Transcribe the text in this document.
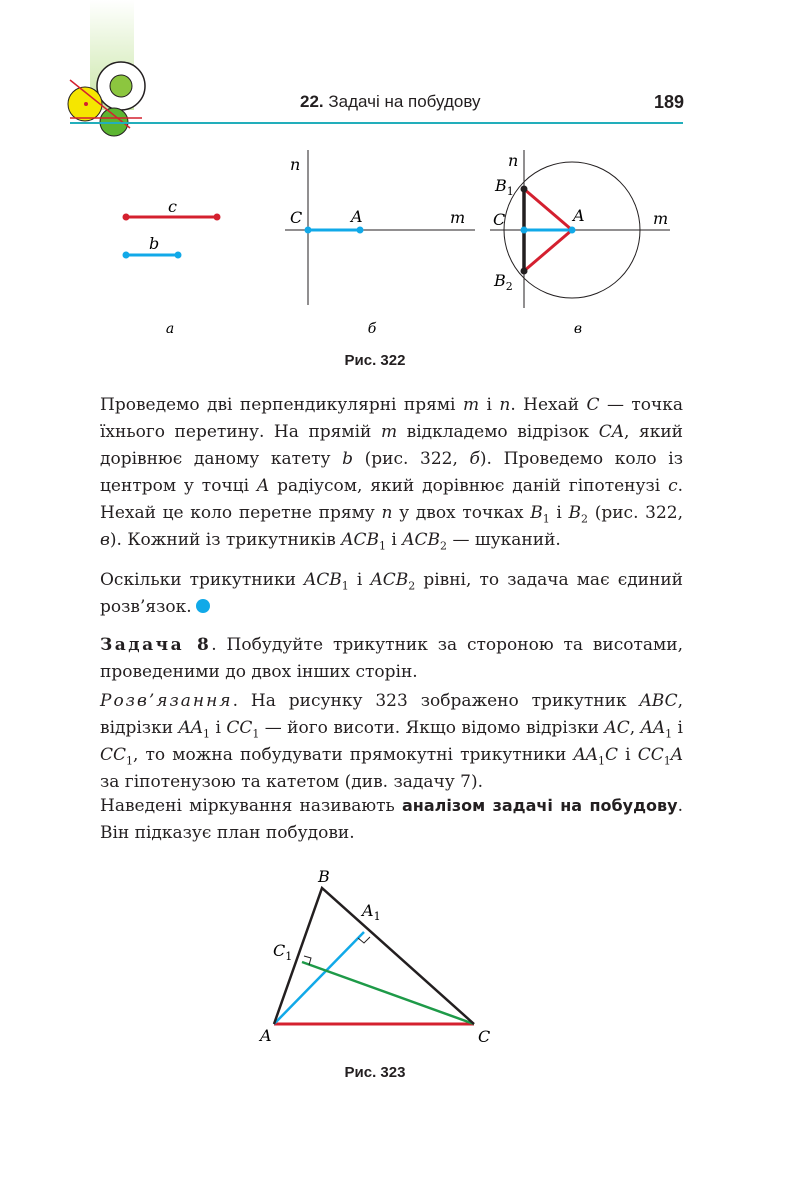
22. Задачі на побудову	189
c
b
n
C	A	m
n
$B_1$
C	A	m
$B_2$
а	б	в
Рис. 322
Проведемо дві перпендикулярні прямі m і n. Нехай C — точка їхнього перетину. На прямій m відкладемо відрізок CA, який дорівнює даному катету b (рис. 322, б). Проведемо коло із центром у точці A радіусом, який дорівнює даній гіпотенузі c. Нехай це коло перетне пряму n у двох точках $B_1$ і $B_2$ (рис. 322, в). Кожний із трикутників $ACB_1$ і $ACB_2$ — шуканий.
Оскільки трикутники $ACB_1$ і $ACB_2$ рівні, то задача має єдиний розв’язок.
Задача 8. Побудуйте трикутник за стороною та висотами, проведеними до двох інших сторін.
Розв’язання. На рисунку 323 зображено трикутник ABC, відрізки $AA_1$ і $CC_1$ — його висоти. Якщо відомо відрізки AC, $AA_1$ і $CC_1$, то можна побудувати прямокутні трикутники $AA_1C$ і $CC_1A$ за гіпотенузою та катетом (див. задачу 7).
Наведені міркування називають аналізом задачі на побудову. Він підказує план побудови.
B
$A_1$
$C_1$
A	C
Рис. 323
